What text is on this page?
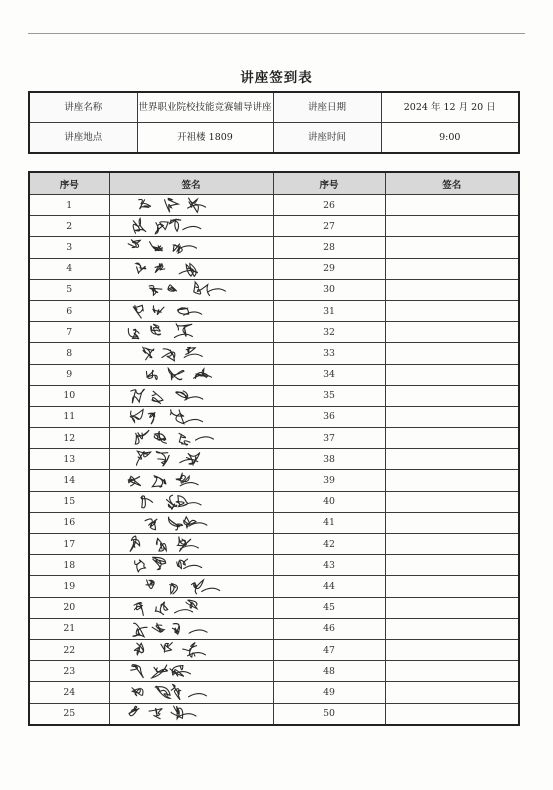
讲座签到表
讲座名称	世界职业院校技能竞赛辅导讲座	讲座日期	2024 年 12 月 20 日
讲座地点	开祖楼 1809	讲座时间	9:00
序号	签名	序号	签名
1		26	
2		27	
3		28	
4		29	
5		30	
6		31	
7		32	
8		33	
9		34	
10		35	
11		36	
12		37	
13		38	
14		39	
15		40	
16		41	
17		42	
18		43	
19		44	
20		45	
21		46	
22		47	
23		48	
24		49	
25		50	
